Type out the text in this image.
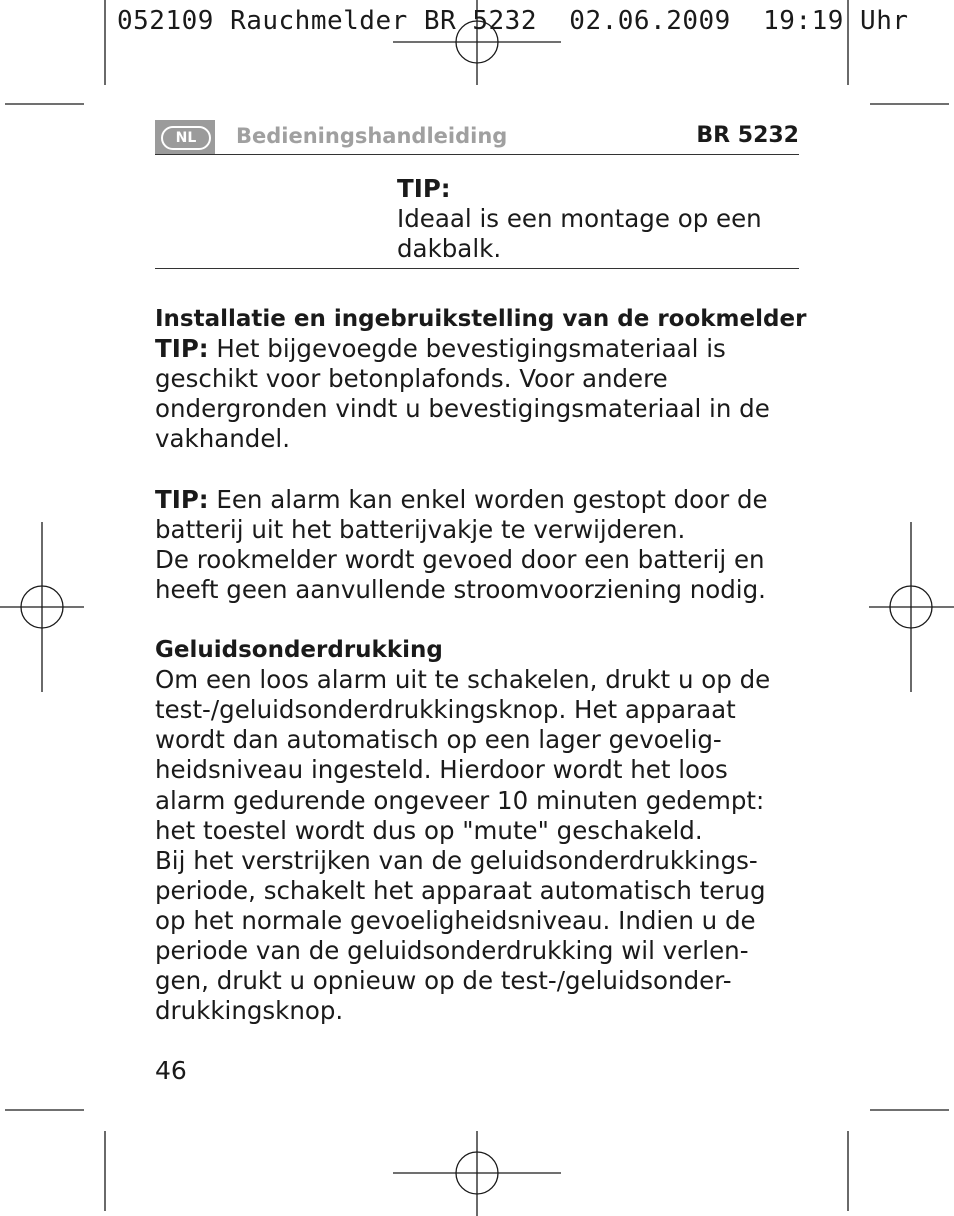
052109 Rauchmelder BR 5232  02.06.2009  19:19 Uhr
NL	Bedieningshandleiding	BR 5232
TIP:
Ideaal is een montage op een
dakbalk.

Installatie en ingebruikstelling van de rookmelder

TIP: Het bijgevoegde bevestigingsmateriaal is

geschikt voor betonplafonds. Voor andere

ondergronden vindt u bevestigingsmateriaal in de

vakhandel.

TIP: Een alarm kan enkel worden gestopt door de

batterij uit het batterijvakje te verwijderen.

De rookmelder wordt gevoed door een batterij en

heeft geen aanvullende stroomvoorziening nodig.

Geluidsonderdrukking

Om een loos alarm uit te schakelen, drukt u op de

test-/geluidsonderdrukkingsknop. Het apparaat

wordt dan automatisch op een lager gevoelig-

heidsniveau ingesteld. Hierdoor wordt het loos

alarm gedurende ongeveer 10 minuten gedempt:

het toestel wordt dus op "mute" geschakeld.

Bij het verstrijken van de geluidsonderdrukkings-

periode, schakelt het apparaat automatisch terug

op het normale gevoeligheidsniveau. Indien u de

periode van de geluidsonderdrukking wil verlen-

gen, drukt u opnieuw op de test-/geluidsonder-

drukkingsknop.

46
